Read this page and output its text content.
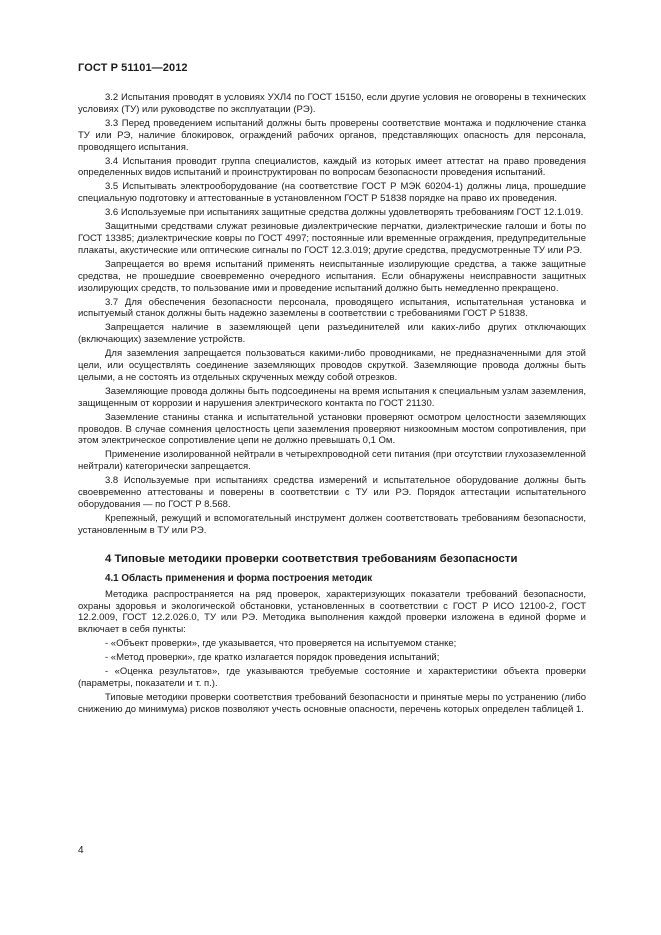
ГОСТ Р 51101—2012

3.2 Испытания проводят в условиях УХЛ4 по ГОСТ 15150, если другие условия не оговорены в технических условиях (ТУ) или руководстве по эксплуатации (РЭ).

3.3 Перед проведением испытаний должны быть проверены соответствие монтажа и подключение станка ТУ или РЭ, наличие блокировок, ограждений рабочих органов, представляющих опасность для персонала, проводящего испытания.

3.4 Испытания проводит группа специалистов, каждый из которых имеет аттестат на право проведения определенных видов испытаний и проинструктирован по вопросам безопасности проведения испытаний.

3.5 Испытывать электрооборудование (на соответствие ГОСТ Р МЭК 60204-1) должны лица, прошедшие специальную подготовку и аттестованные в установленном ГОСТ Р 51838 порядке на право их проведения.

3.6 Используемые при испытаниях защитные средства должны удовлетворять требованиям ГОСТ 12.1.019.

Защитными средствами служат резиновые диэлектрические перчатки, диэлектрические галоши и боты по ГОСТ 13385; диэлектрические ковры по ГОСТ 4997; постоянные или временные ограждения, предупредительные плакаты, акустические или оптические сигналы по ГОСТ 12.3.019; другие средства, предусмотренные ТУ или РЭ.

Запрещается во время испытаний применять неиспытанные изолирующие средства, а также защитные средства, не прошедшие своевременно очередного испытания. Если обнаружены неисправности защитных изолирующих средств, то пользование ими и проведение испытаний должно быть немедленно прекращено.

3.7 Для обеспечения безопасности персонала, проводящего испытания, испытательная установка и испытуемый станок должны быть надежно заземлены в соответствии с требованиями ГОСТ Р 51838.

Запрещается наличие в заземляющей цепи разъединителей или каких-либо других отключающих (включающих) заземление устройств.

Для заземления запрещается пользоваться какими-либо проводниками, не предназначенными для этой цели, или осуществлять соединение заземляющих проводов скруткой. Заземляющие провода должны быть целыми, а не состоять из отдельных скрученных между собой отрезков.

Заземляющие провода должны быть подсоединены на время испытания к специальным узлам заземления, защищенным от коррозии и нарушения электрического контакта по ГОСТ 21130.

Заземление станины станка и испытательной установки проверяют осмотром целостности заземляющих проводов. В случае сомнения целостность цепи заземления проверяют низкоомным мостом сопротивления, при этом электрическое сопротивление цепи не должно превышать 0,1 Ом.

Применение изолированной нейтрали в четырехпроводной сети питания (при отсутствии глухозаземленной нейтрали) категорически запрещается.

3.8 Используемые при испытаниях средства измерений и испытательное оборудование должны быть своевременно аттестованы и поверены в соответствии с ТУ или РЭ. Порядок аттестации испытательного оборудования — по ГОСТ Р 8.568.

Крепежный, режущий и вспомогательный инструмент должен соответствовать требованиям безопасности, установленным в ТУ или РЭ.

4 Типовые методики проверки соответствия требованиям безопасности

4.1 Область применения и форма построения методик

Методика распространяется на ряд проверок, характеризующих показатели требований безопасности, охраны здоровья и экологической обстановки, установленных в соответствии с ГОСТ Р ИСО 12100-2, ГОСТ 12.2.009, ГОСТ 12.2.026.0, ТУ или РЭ. Методика выполнения каждой проверки изложена в единой форме и включает в себя пункты:

- «Объект проверки», где указывается, что проверяется на испытуемом станке;

- «Метод проверки», где кратко излагается порядок проведения испытаний;

- «Оценка результатов», где указываются требуемые состояние и характеристики объекта проверки (параметры, показатели и т. п.).

Типовые методики проверки соответствия требований безопасности и принятые меры по устранению (либо снижению до минимума) рисков позволяют учесть основные опасности, перечень которых определен таблицей 1.

4
